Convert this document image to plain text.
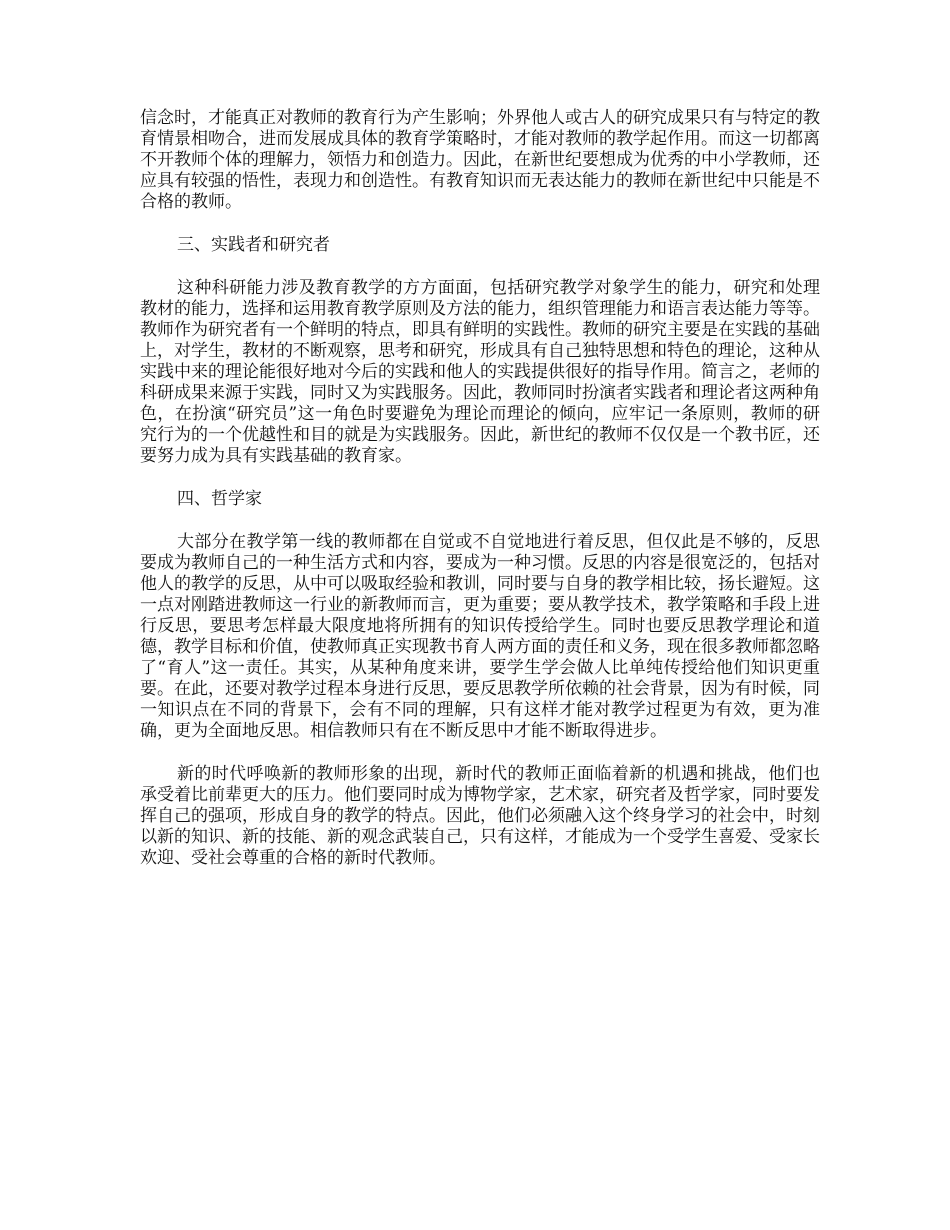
信念时，才能真正对教师的教育行为产生影响；外界他人或古人的研究成果只有与特定的教育情景相吻合，进而发展成具体的教育学策略时，才能对教师的教学起作用。而这一切都离不开教师个体的理解力，领悟力和创造力。因此，在新世纪要想成为优秀的中小学教师，还应具有较强的悟性，表现力和创造性。有教育知识而无表达能力的教师在新世纪中只能是不合格的教师。

三、实践者和研究者

这种科研能力涉及教育教学的方方面面，包括研究教学对象学生的能力，研究和处理教材的能力，选择和运用教育教学原则及方法的能力，组织管理能力和语言表达能力等等。教师作为研究者有一个鲜明的特点，即具有鲜明的实践性。教师的研究主要是在实践的基础上，对学生，教材的不断观察，思考和研究，形成具有自己独特思想和特色的理论，这种从实践中来的理论能很好地对今后的实践和他人的实践提供很好的指导作用。简言之，老师的科研成果来源于实践，同时又为实践服务。因此，教师同时扮演者实践者和理论者这两种角色，在扮演“研究员”这一角色时要避免为理论而理论的倾向，应牢记一条原则，教师的研究行为的一个优越性和目的就是为实践服务。因此，新世纪的教师不仅仅是一个教书匠，还要努力成为具有实践基础的教育家。

四、哲学家

大部分在教学第一线的教师都在自觉或不自觉地进行着反思，但仅此是不够的，反思要成为教师自己的一种生活方式和内容，要成为一种习惯。反思的内容是很宽泛的，包括对他人的教学的反思，从中可以吸取经验和教训，同时要与自身的教学相比较，扬长避短。这一点对刚踏进教师这一行业的新教师而言，更为重要；要从教学技术，教学策略和手段上进行反思，要思考怎样最大限度地将所拥有的知识传授给学生。同时也要反思教学理论和道德，教学目标和价值，使教师真正实现教书育人两方面的责任和义务，现在很多教师都忽略了“育人”这一责任。其实，从某种角度来讲，要学生学会做人比单纯传授给他们知识更重要。在此，还要对教学过程本身进行反思，要反思教学所依赖的社会背景，因为有时候，同一知识点在不同的背景下，会有不同的理解，只有这样才能对教学过程更为有效，更为准确，更为全面地反思。相信教师只有在不断反思中才能不断取得进步。

新的时代呼唤新的教师形象的出现，新时代的教师正面临着新的机遇和挑战，他们也承受着比前辈更大的压力。他们要同时成为博物学家，艺术家，研究者及哲学家，同时要发挥自己的强项，形成自身的教学的特点。因此，他们必须融入这个终身学习的社会中，时刻以新的知识、新的技能、新的观念武装自己，只有这样，才能成为一个受学生喜爱、受家长欢迎、受社会尊重的合格的新时代教师。
